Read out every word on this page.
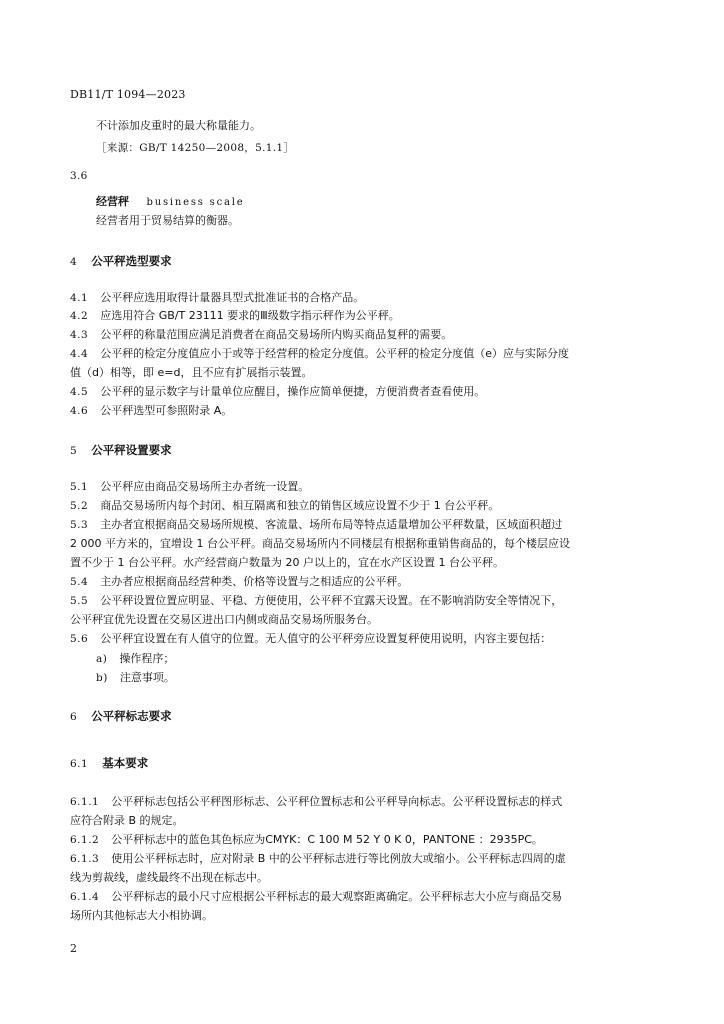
DB11/T 1094—2023
不计添加皮重时的最大称量能力。
［来源：GB/T 14250—2008，5.1.1］
3.6
经营秤 business scale
经营者用于贸易结算的衡器。
4 公平秤选型要求
4.1 公平秤应选用取得计量器具型式批准证书的合格产品。
4.2 应选用符合 GB/T 23111 要求的Ⅲ级数字指示秤作为公平秤。
4.3 公平秤的称量范围应满足消费者在商品交易场所内购买商品复秤的需要。
4.4 公平秤的检定分度值应小于或等于经营秤的检定分度值。公平秤的检定分度值（e）应与实际分度
值（d）相等，即 e=d，且不应有扩展指示装置。
4.5 公平秤的显示数字与计量单位应醒目，操作应简单便捷，方便消费者查看使用。
4.6 公平秤选型可参照附录 A。
5 公平秤设置要求
5.1 公平秤应由商品交易场所主办者统一设置。
5.2 商品交易场所内每个封闭、相互隔离和独立的销售区域应设置不少于 1 台公平秤。
5.3 主办者宜根据商品交易场所规模、客流量、场所布局等特点适量增加公平秤数量，区域面积超过
2 000 平方米的，宜增设 1 台公平秤。商品交易场所内不同楼层有根据称重销售商品的，每个楼层应设
置不少于 1 台公平秤。水产经营商户数量为 20 户以上的，宜在水产区设置 1 台公平秤。
5.4 主办者应根据商品经营种类、价格等设置与之相适应的公平秤。
5.5 公平秤设置位置应明显、平稳、方便使用，公平秤不宜露天设置。在不影响消防安全等情况下，
公平秤宜优先设置在交易区进出口内侧或商品交易场所服务台。
5.6 公平秤宜设置在有人值守的位置。无人值守的公平秤旁应设置复秤使用说明，内容主要包括：
a) 操作程序；
b) 注意事项。
6 公平秤标志要求
6.1 基本要求
6.1.1 公平秤标志包括公平秤图形标志、公平秤位置标志和公平秤导向标志。公平秤设置标志的样式
应符合附录 B 的规定。
6.1.2 公平秤标志中的蓝色其色标应为CMYK：C 100 M 52 Y 0 K 0，PANTONE ：2935PC。
6.1.3 使用公平秤标志时，应对附录 B 中的公平秤标志进行等比例放大或缩小。公平秤标志四周的虚
线为剪裁线，虚线最终不出现在标志中。
6.1.4 公平秤标志的最小尺寸应根据公平秤标志的最大观察距离确定。公平秤标志大小应与商品交易
场所内其他标志大小相协调。
2
